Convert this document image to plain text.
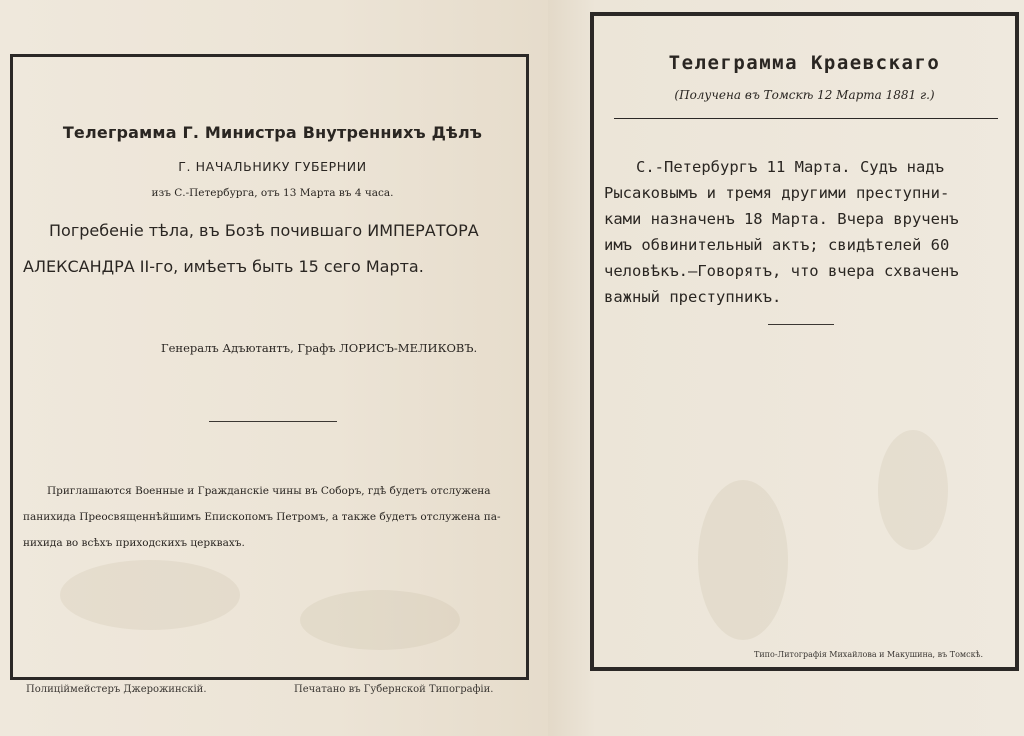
Телеграмма Г. Министра Внутреннихъ Дѣлъ
Г. НАЧАЛЬНИКУ ГУБЕРНИИ
изъ С.-Петербурга, отъ 13 Марта въ 4 часа.
Погребенiе тѣла, въ Бозѣ почившаго ИМПЕРАТОРА
АЛЕКСАНДРА II-го, имѣетъ быть 15 сего Марта.
Генералъ Адъютантъ, Графъ ЛОРИСЪ-МЕЛИКОВЪ.
Приглашаются Военные и Гражданскіе чины въ Соборъ, гдѣ будетъ отслужена
панихида Преосвященнѣйшимъ Епископомъ Петромъ, а также будетъ отслужена па-
нихида во всѣхъ приходскихъ церквахъ.
Полицiймейстеръ Джерожинскiй.	Печатано въ Губернской Типографiи.
Телеграмма Краевскаго
(Получена въ Томскѣ 12 Марта 1881 г.)
С.-Петербургъ 11 Марта. Судъ надъ
Рысаковымъ и тремя другими преступни-
ками назначенъ 18 Марта. Вчера врученъ
имъ обвинительный актъ; свидѣтелей 60
человѣкъ.—Говорятъ, что вчера схваченъ
важный преступникъ.
Типо-Литографiя Михайлова и Макушина, въ Томскѣ.
